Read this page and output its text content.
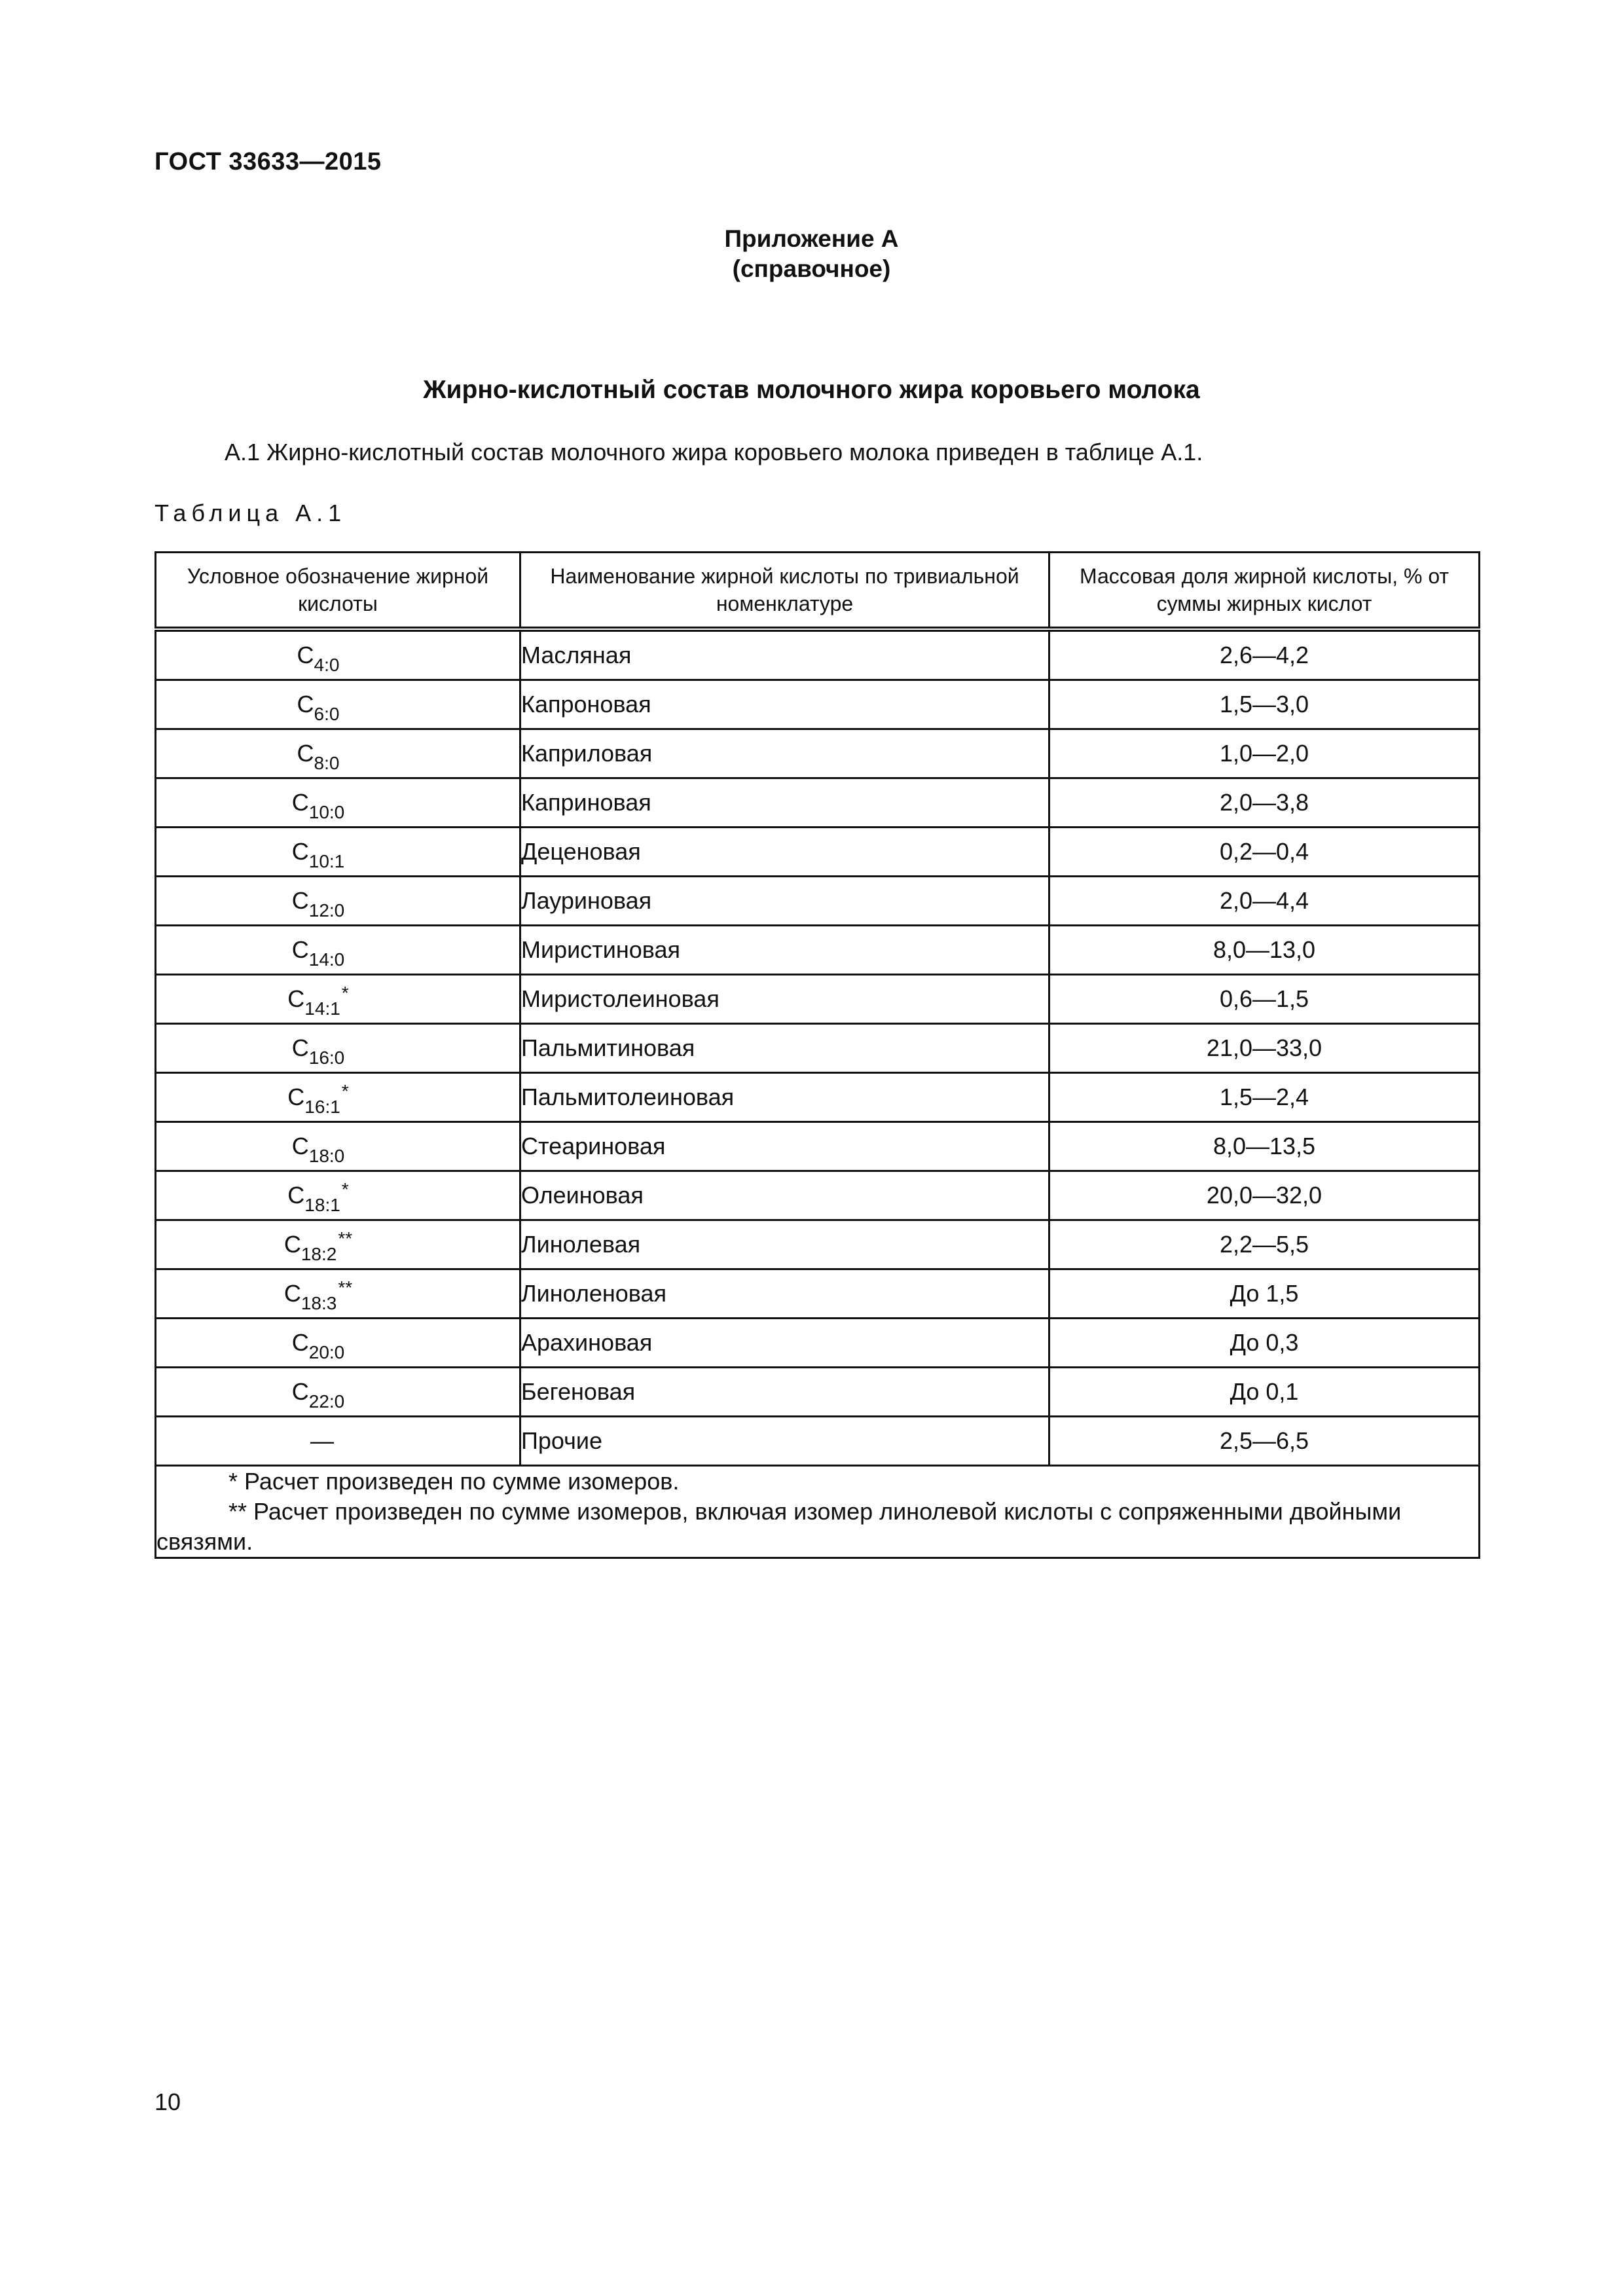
ГОСТ 33633—2015
Приложение А
(справочное)
Жирно-кислотный состав молочного жира коровьего молока
А.1 Жирно-кислотный состав молочного жира коровьего молока приведен в таблице А.1.
Таблица А.1
Условное обозначение жирной кислоты	Наименование жирной кислоты по тривиальной номенклатуре	Массовая доля жирной кислоты, % от суммы жирных кислот
$C_{4:0}$	Масляная	2,6—4,2
$C_{6:0}$	Капроновая	1,5—3,0
$C_{8:0}$	Каприловая	1,0—2,0
$C_{10:0}$	Каприновая	2,0—3,8
$C_{10:1}$	Деценовая	0,2—0,4
$C_{12:0}$	Лауриновая	2,0—4,4
$C_{14:0}$	Миристиновая	8,0—13,0
$C_{14:1}^*$	Миристолеиновая	0,6—1,5
$C_{16:0}$	Пальмитиновая	21,0—33,0
$C_{16:1}^*$	Пальмитолеиновая	1,5—2,4
$C_{18:0}$	Стеариновая	8,0—13,5
$C_{18:1}^*$	Олеиновая	20,0—32,0
$C_{18:2}^{**}$	Линолевая	2,2—5,5
$C_{18:3}^{**}$	Линоленовая	До 1,5
$C_{20:0}$	Арахиновая	До 0,3
$C_{22:0}$	Бегеновая	До 0,1
—	Прочие	2,5—6,5

* Расчет произведен по сумме изомеров.
** Расчет произведен по сумме изомеров, включая изомер линолевой кислоты с сопряженными двойными связями.		
10
